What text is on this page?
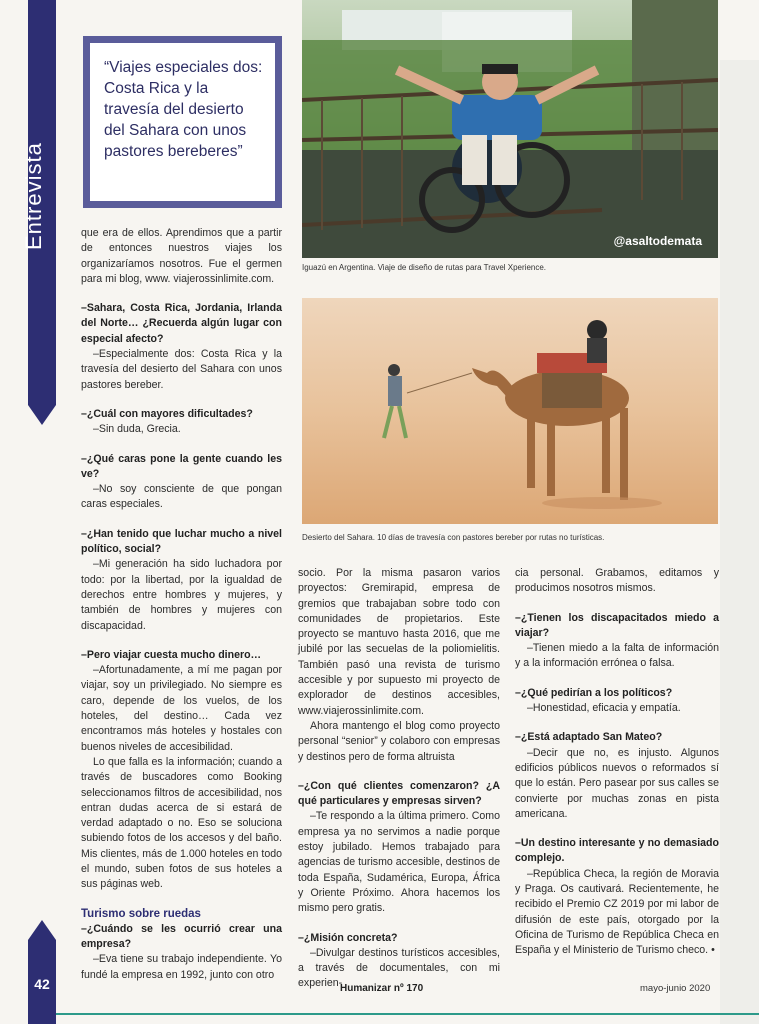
Entrevista

“Viajes especiales dos: Costa Rica y la travesía del desierto del Sahara con unos pastores bereberes”

@asaltodemata
Iguazú en Argentina. Viaje de diseño de rutas para Travel Xperience.
Desierto del Sahara. 10 días de travesía con pastores bereber por rutas no turísticas.

que era de ellos. Aprendimos que a partir de entonces nuestros viajes los organizaríamos nosotros. Fue el germen para mi blog, www. viajerossinlimite.com.

–Sahara, Costa Rica, Jordania, Irlanda del Norte… ¿Recuerda algún lugar con especial afecto?

–Especialmente dos: Costa Rica y la travesía del desierto del Sahara con unos pastores bereber.

–¿Cuál con mayores dificultades?

–Sin duda, Grecia.

–¿Qué caras pone la gente cuando les ve?

–No soy consciente de que pongan caras especiales.

–¿Han tenido que luchar mucho a nivel político, social?

–Mi generación ha sido luchadora por todo: por la libertad, por la igualdad de derechos entre hombres y mujeres, y también de hombres y mujeres con discapacidad.

–Pero viajar cuesta mucho dinero…

–Afortunadamente, a mí me pagan por viajar, soy un privilegiado. No siempre es caro, depende de los vuelos, de los hoteles, del destino… Cada vez encontramos más hoteles y hostales con buenos niveles de accesibilidad.

Lo que falla es la información; cuando a través de buscadores como Booking seleccionamos filtros de accesibilidad, nos entran dudas acerca de si estará de verdad adaptado o no. Eso se soluciona subiendo fotos de los accesos y del baño. Mis clientes, más de 1.000 hoteles en todo el mundo, suben fotos de sus hoteles a sus páginas web.

Turismo sobre ruedas

–¿Cuándo se les ocurrió crear una empresa?

–Eva tiene su trabajo independiente. Yo fundé la empresa en 1992, junto con otro

socio. Por la misma pasaron varios proyectos: Gremirapid, empresa de gremios que trabajaban sobre todo con comunidades de propietarios. Este proyecto se mantuvo hasta 2016, que me jubilé por las secuelas de la poliomielitis. También pasó una revista de turismo accesible y por supuesto mi proyecto de explorador de destinos accesibles, www.viajerossinlimite.com.

Ahora mantengo el blog como proyecto personal “senior” y colaboro con empresas y destinos pero de forma altruista

–¿Con qué clientes comenzaron? ¿A qué particulares y empresas sirven?

–Te respondo a la última primero. Como empresa ya no servimos a nadie porque estoy jubilado. Hemos trabajado para agencias de turismo accesible, destinos de toda España, Sudamérica, Europa, África y Oriente Próximo. Ahora hacemos los mismo pero gratis.

–¿Misión concreta?

–Divulgar destinos turísticos accesibles, a través de documentales, con mi experien-

cia personal. Grabamos, editamos y producimos nosotros mismos.

–¿Tienen los discapacitados miedo a viajar?

–Tienen miedo a la falta de información y a la información errónea o falsa.

–¿Qué pedirían a los políticos?

–Honestidad, eficacia y empatía.

–¿Está adaptado San Mateo?

–Decir que no, es injusto. Algunos edificios públicos nuevos o reformados sí que lo están. Pero pasear por sus calles se convierte por muchas zonas en pista americana.

–Un destino interesante y no demasiado complejo.

–República Checa, la región de Moravia y Praga. Os cautivará. Recientemente, he recibido el Premio CZ 2019 por mi labor de difusión de este país, otorgado por la Oficina de Turismo de República Checa en España y el Ministerio de Turismo checo. •

42	Humanizar nº 170	mayo-junio 2020
